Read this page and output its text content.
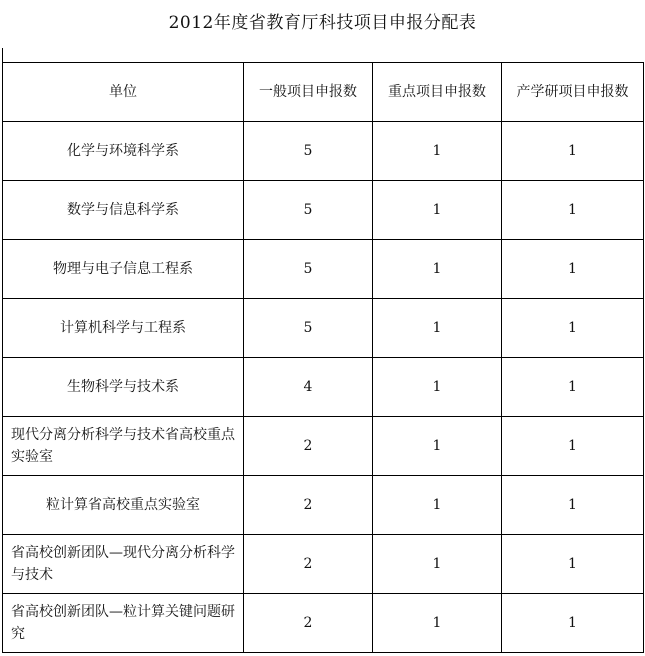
2012年度省教育厅科技项目申报分配表
单位	一般项目申报数	重点项目申报数	产学研项目申报数
化学与环境科学系	5	1	1
数学与信息科学系	5	1	1
物理与电子信息工程系	5	1	1
计算机科学与工程系	5	1	1
生物科学与技术系	4	1	1
现代分离分析科学与技术省高校重点实验室	2	1	1
粒计算省高校重点实验室	2	1	1
省高校创新团队—现代分离分析科学与技术	2	1	1
省高校创新团队—粒计算关键问题研究	2	1	1
